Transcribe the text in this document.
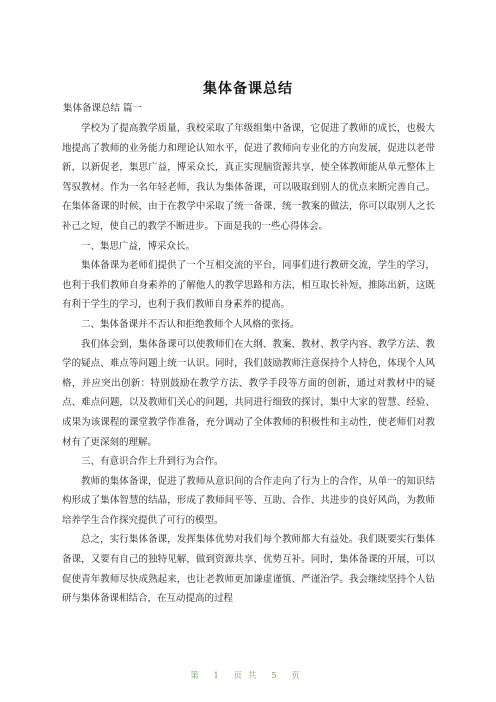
集体备课总结
集体备课总结 篇一

学校为了提高教学质量，我校采取了年级组集中备课，它促进了教师的成长，也极大地提高了教师的业务能力和理论认知水平，促进了教师向专业化的方向发展，促进以老带新，以新促老，集思广益，博采众长，真正实现脑资源共享，使全体教师能从单元整体上驾驭教材。作为一名年轻老师，我认为集体备课，可以吸取到别人的优点来断完善自己。在集体备课的时候，由于在教学中采取了统一备课、统一教案的做法，你可以取别人之长补己之短，使自己的教学不断进步。下面是我的一些心得体会。

一、集思广益，博采众长。

集体备课为老师们提供了一个互相交流的平台，同事们进行教研交流，学生的学习，也利于我们教师自身素养的了解他人的教学思路和方法，相互取长补短，推陈出新，这既有利于学生的学习，也利于我们教师自身素养的提高。

二、集体备课并不否认和拒绝教师个人风格的张扬。

我们体会到，集体备课可以使教师们在大纲、教案、教材、教学内容、教学方法、教学的疑点、难点等问题上统一认识。同时，我们鼓励教师注意保持个人特色，体现个人风格，并应突出创新：特别鼓励在教学方法、教学手段等方面的创新，通过对教材中的疑点、难点问题，以及教师们关心的问题，共同进行细致的探讨，集中大家的智慧、经验、成果为该课程的课堂教学作准备，充分调动了全体教师的积极性和主动性，使老师们对教材有了更深刻的理解。

三、有意识合作上升到行为合作。

教师的集体备课，促进了教师从意识间的合作走向了行为上的合作，从单一的知识结构形成了集体智慧的结晶，形成了教师间平等、互助、合作、共进步的良好风尚，为教师培养学生合作探究提供了可行的模型。

总之，实行集体备课，发挥集体优势对我们每个教师都大有益处。我们既要实行集体备课，又要有自己的独特见解，做到资源共享、优势互补。同时，集体备课的开展，可以促使青年教师尽快成熟起来，也让老教师更加谦虚谨慎、严谨治学。我会继续坚持个人钻研与集体备课相结合，在互动提高的过程

第 1 页共 5 页
